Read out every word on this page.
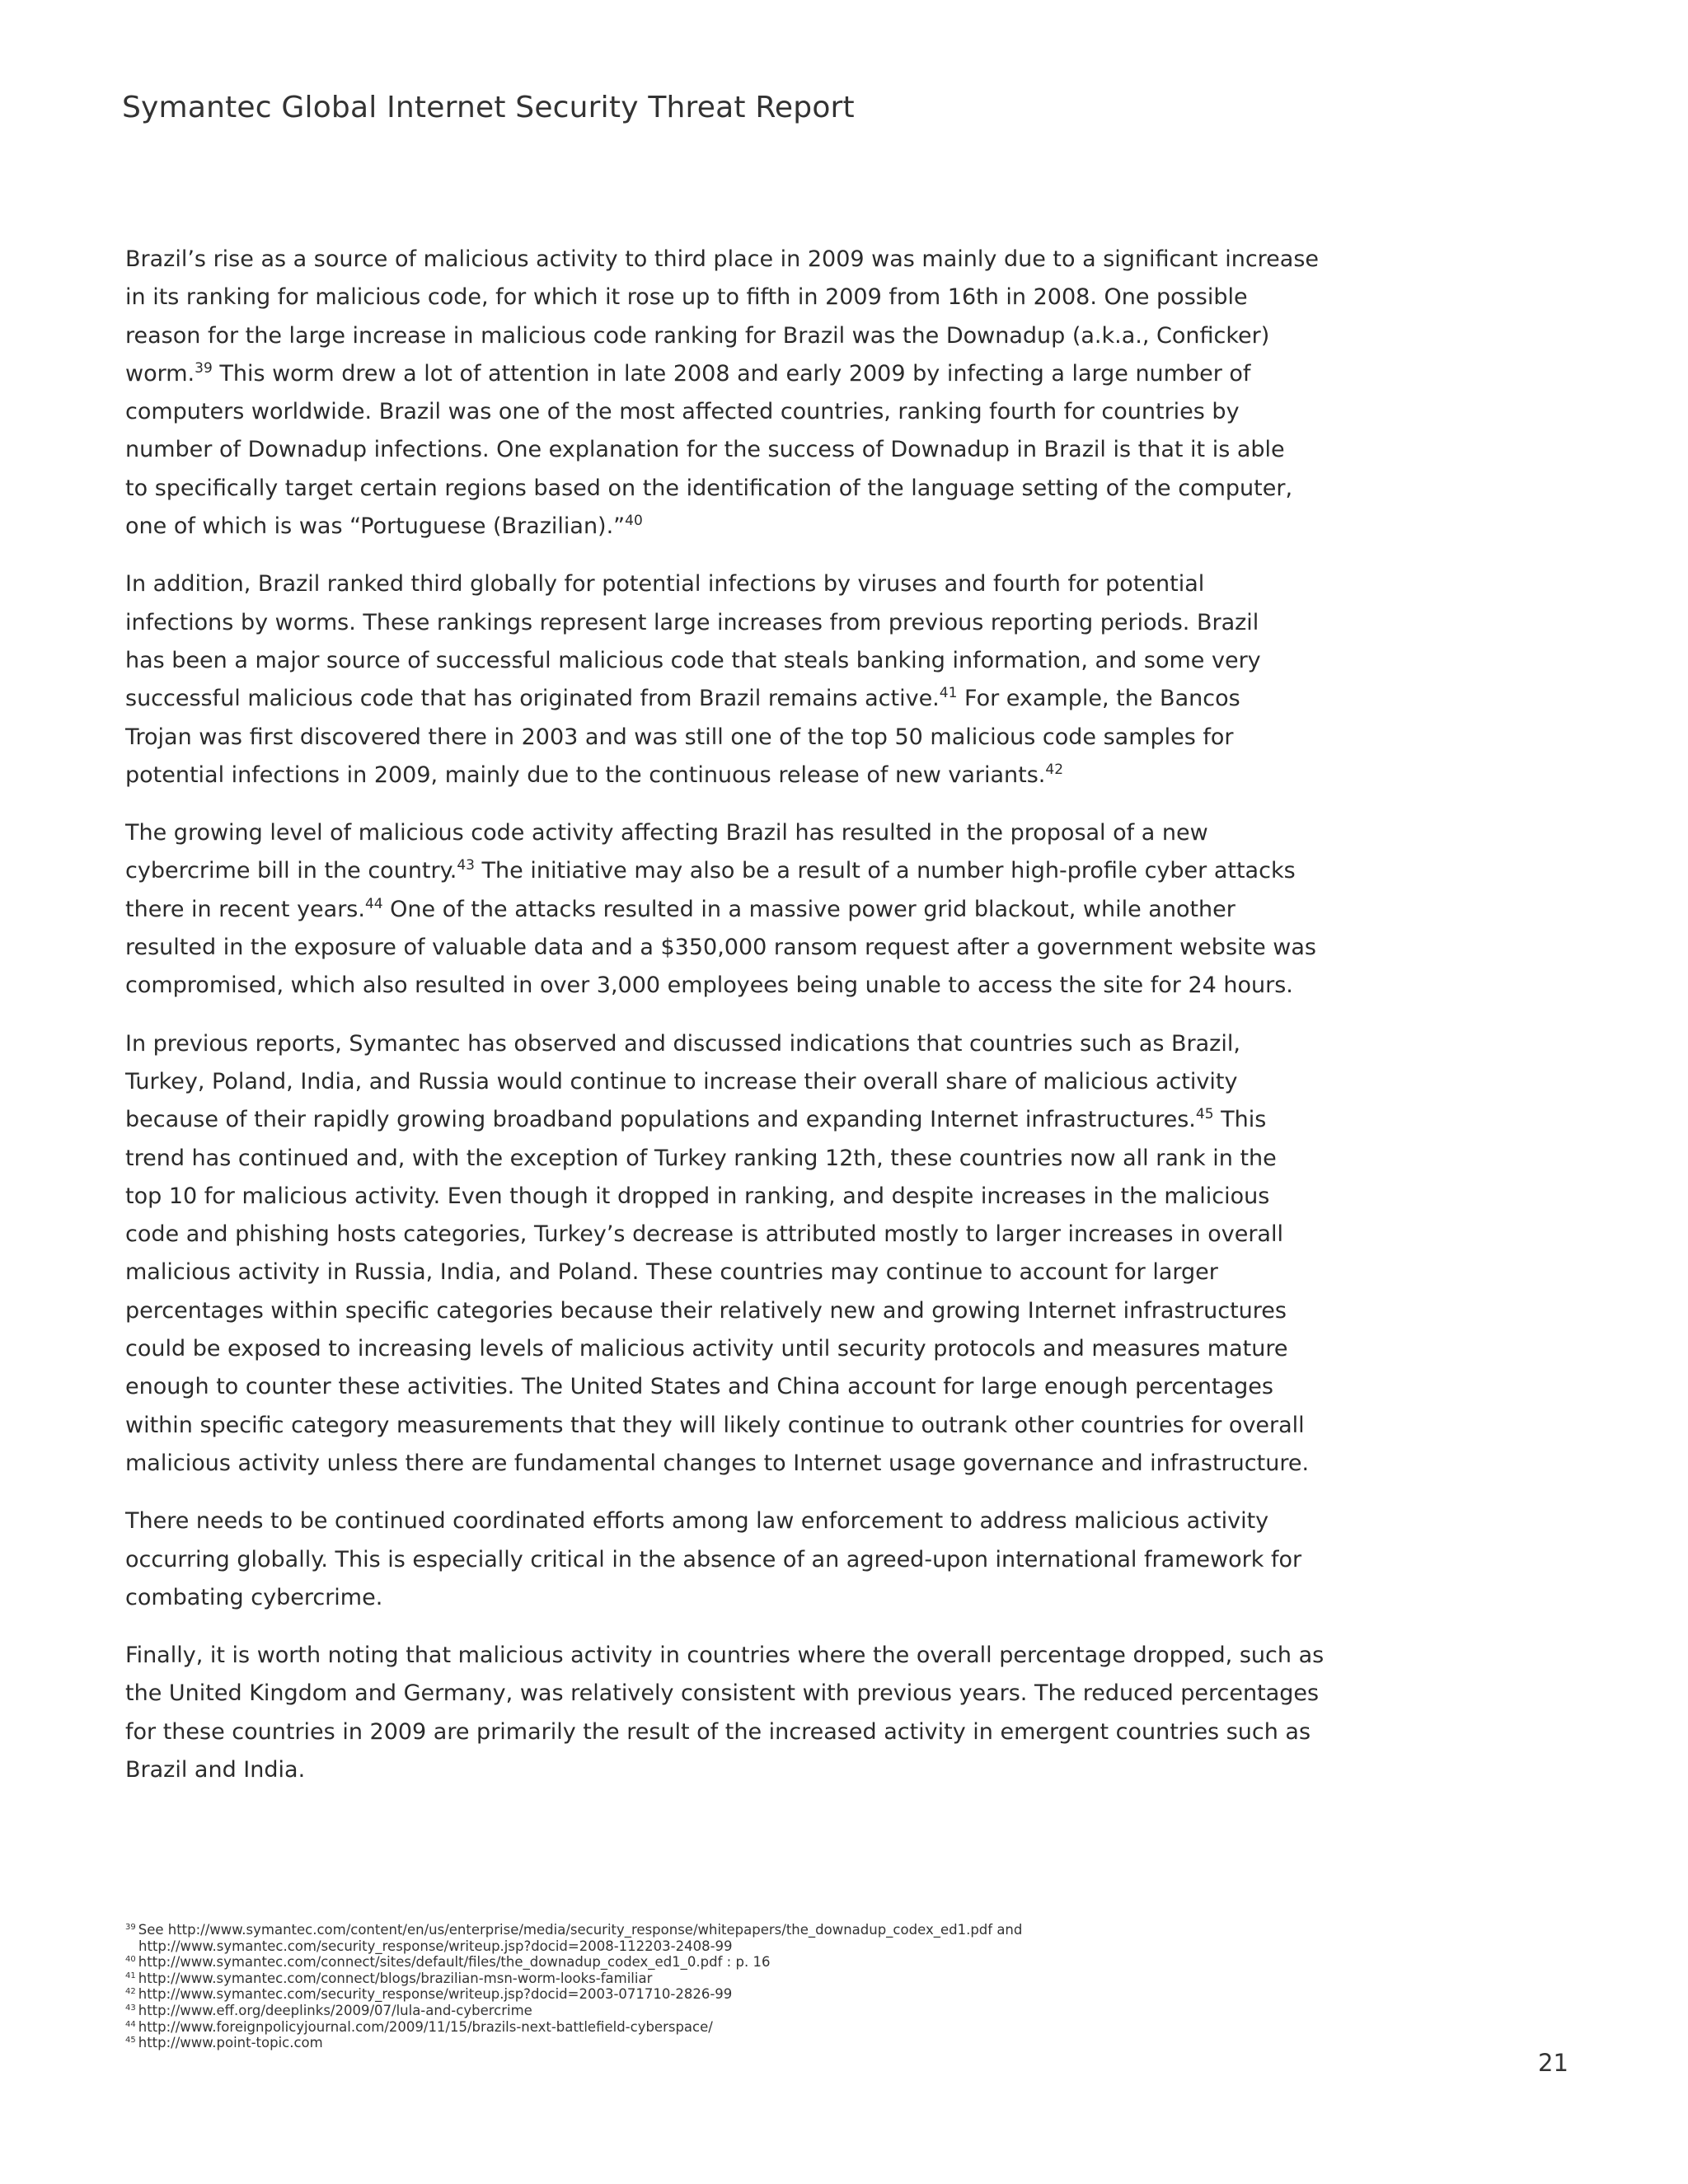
Symantec Global Internet Security Threat Report

Brazil’s rise as a source of malicious activity to third place in 2009 was mainly due to a significant increase
in its ranking for malicious code, for which it rose up to fifth in 2009 from 16th in 2008. One possible
reason for the large increase in malicious code ranking for Brazil was the Downadup (a.k.a., Conficker)
worm.$^{39}$ This worm drew a lot of attention in late 2008 and early 2009 by infecting a large number of
computers worldwide. Brazil was one of the most affected countries, ranking fourth for countries by
number of Downadup infections. One explanation for the success of Downadup in Brazil is that it is able
to specifically target certain regions based on the identification of the language setting of the computer,
one of which is was “Portuguese (Brazilian).”$^{40}$

In addition, Brazil ranked third globally for potential infections by viruses and fourth for potential
infections by worms. These rankings represent large increases from previous reporting periods. Brazil
has been a major source of successful malicious code that steals banking information, and some very
successful malicious code that has originated from Brazil remains active.$^{41}$ For example, the Bancos
Trojan was first discovered there in 2003 and was still one of the top 50 malicious code samples for
potential infections in 2009, mainly due to the continuous release of new variants.$^{42}$

The growing level of malicious code activity affecting Brazil has resulted in the proposal of a new
cybercrime bill in the country.$^{43}$ The initiative may also be a result of a number high-profile cyber attacks
there in recent years.$^{44}$ One of the attacks resulted in a massive power grid blackout, while another
resulted in the exposure of valuable data and a $350,000 ransom request after a government website was
compromised, which also resulted in over 3,000 employees being unable to access the site for 24 hours.

In previous reports, Symantec has observed and discussed indications that countries such as Brazil,
Turkey, Poland, India, and Russia would continue to increase their overall share of malicious activity
because of their rapidly growing broadband populations and expanding Internet infrastructures.$^{45}$ This
trend has continued and, with the exception of Turkey ranking 12th, these countries now all rank in the
top 10 for malicious activity. Even though it dropped in ranking, and despite increases in the malicious
code and phishing hosts categories, Turkey’s decrease is attributed mostly to larger increases in overall
malicious activity in Russia, India, and Poland. These countries may continue to account for larger
percentages within specific categories because their relatively new and growing Internet infrastructures
could be exposed to increasing levels of malicious activity until security protocols and measures mature
enough to counter these activities. The United States and China account for large enough percentages
within specific category measurements that they will likely continue to outrank other countries for overall
malicious activity unless there are fundamental changes to Internet usage governance and infrastructure.

There needs to be continued coordinated efforts among law enforcement to address malicious activity
occurring globally. This is especially critical in the absence of an agreed-upon international framework for
combating cybercrime.

Finally, it is worth noting that malicious activity in countries where the overall percentage dropped, such as
the United Kingdom and Germany, was relatively consistent with previous years. The reduced percentages
for these countries in 2009 are primarily the result of the increased activity in emergent countries such as
Brazil and India.

$^{39}$ See http://www.symantec.com/content/en/us/enterprise/media/security_response/whitepapers/the_downadup_codex_ed1.pdf and
http://www.symantec.com/security_response/writeup.jsp?docid=2008-112203-2408-99
$^{40}$ http://www.symantec.com/connect/sites/default/files/the_downadup_codex_ed1_0.pdf : p. 16
$^{41}$ http://www.symantec.com/connect/blogs/brazilian-msn-worm-looks-familiar
$^{42}$ http://www.symantec.com/security_response/writeup.jsp?docid=2003-071710-2826-99
$^{43}$ http://www.eff.org/deeplinks/2009/07/lula-and-cybercrime
$^{44}$ http://www.foreignpolicyjournal.com/2009/11/15/brazils-next-battlefield-cyberspace/
$^{45}$ http://www.point-topic.com
21
